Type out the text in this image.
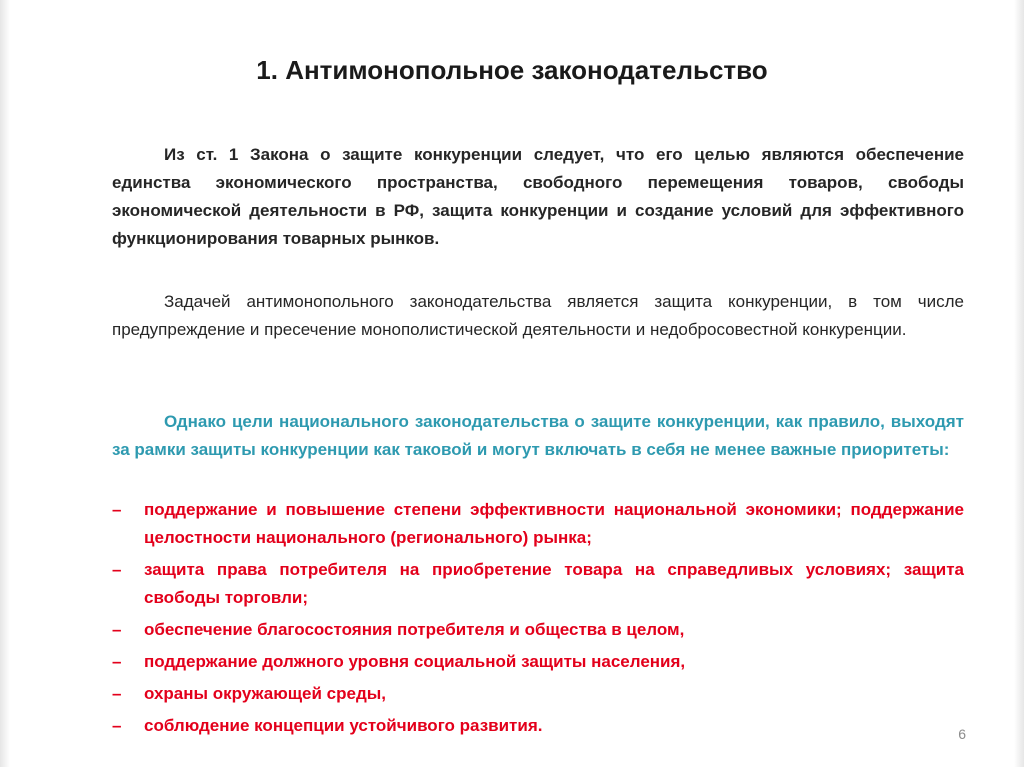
1. Антимонопольное законодательство

Из ст. 1 Закона о защите конкуренции следует, что его целью являются обеспечение единства экономического пространства, свободного перемещения товаров, свободы экономической деятельности в РФ, защита конкуренции и создание условий для эффективного функционирования товарных рынков.

Задачей антимонопольного законодательства является защита конкуренции, в том числе предупреждение и пресечение монополистической деятельности и недобросовестной конкуренции.

Однако цели национального законодательства о защите конкуренции, как правило, выходят за рамки защиты конкуренции как таковой и могут включать в себя не менее важные приоритеты:

– поддержание и повышение степени эффективности национальной экономики; поддержание целостности национального (регионального) рынка;
– защита права потребителя на приобретение товара на справедливых условиях; защита свободы торговли;
– обеспечение благосостояния потребителя и общества в целом,
– поддержание должного уровня социальной защиты населения,
– охраны окружающей среды,
– соблюдение концепции устойчивого развития.	6
